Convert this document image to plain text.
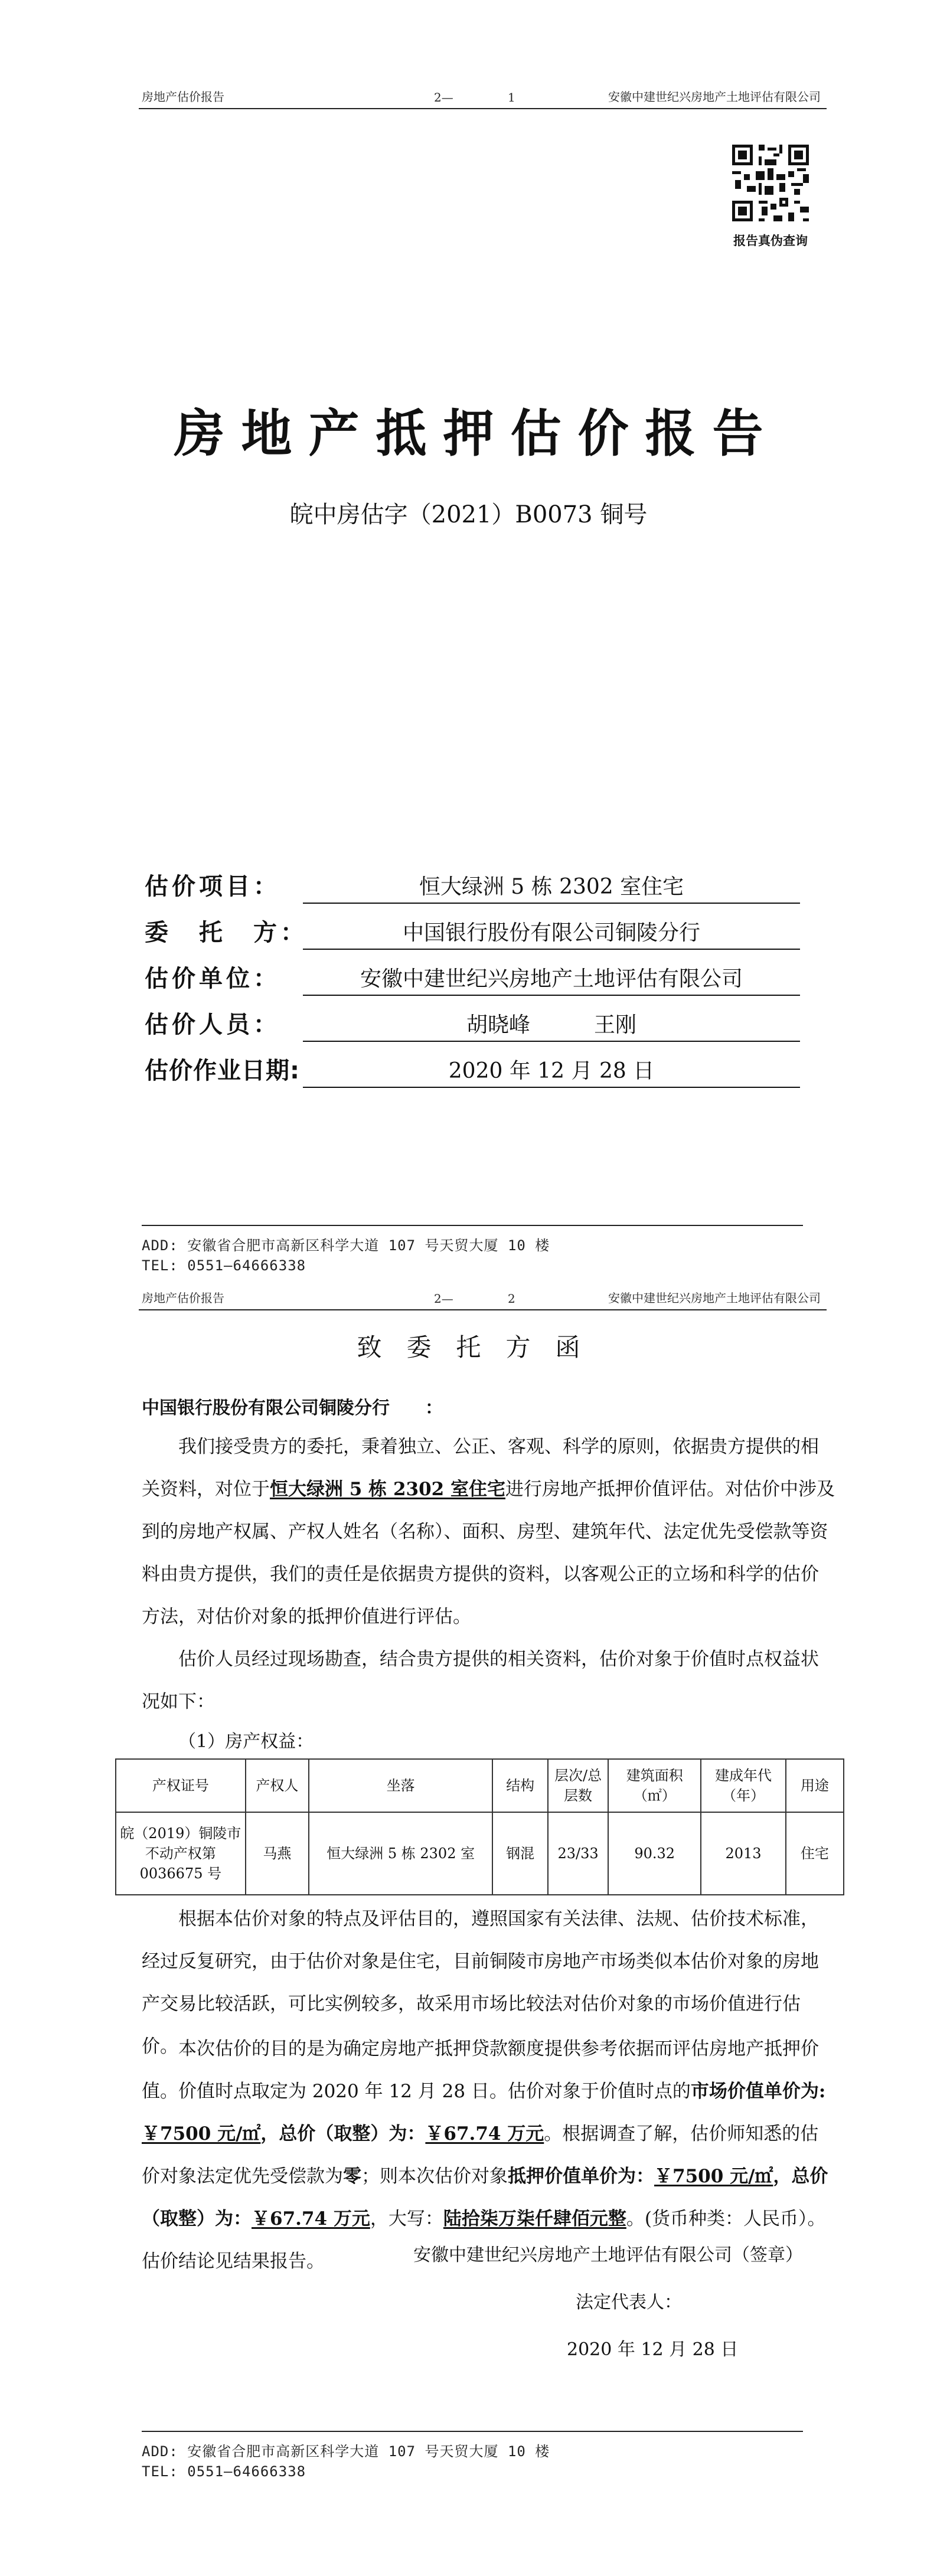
房地产估价报告	2—	1	安徽中建世纪兴房地产土地评估有限公司
报告真伪查询
房地产抵押估价报告
皖中房估字（2021）B0073 铜号
估价项目：	恒大绿洲 5 栋 2302 室住宅
委　托　方：	中国银行股份有限公司铜陵分行
估价单位：	安徽中建世纪兴房地产土地评估有限公司
估价人员：	胡晓峰　　　王刚
估价作业日期:	2020 年 12 月 28 日
ADD: 安徽省合肥市高新区科学大道 107 号天贸大厦 10 楼
TEL: 0551—64666338
房地产估价报告	2—	2	安徽中建世纪兴房地产土地评估有限公司
致　委　托　方　函
中国银行股份有限公司铜陵分行　　：
我们接受贵方的委托，秉着独立、公正、客观、科学的原则，依据贵方提供的相关资料，对位于恒大绿洲 5 栋 2302 室住宅进行房地产抵押价值评估。对估价中涉及到的房地产权属、产权人姓名（名称）、面积、房型、建筑年代、法定优先受偿款等资料由贵方提供，我们的责任是依据贵方提供的资料，以客观公正的立场和科学的估价方法，对估价对象的抵押价值进行评估。
估价人员经过现场勘查，结合贵方提供的相关资料，估价对象于价值时点权益状况如下：
（1）房产权益：
产权证号	产权人	坐落	结构	层次/总层数	建筑面积（㎡）	建成年代（年）	用途
皖（2019）铜陵市不动产权第 0036675 号	马燕	恒大绿洲 5 栋 2302 室	钢混	23/33	90.32	2013	住宅
根据本估价对象的特点及评估目的，遵照国家有关法律、法规、估价技术标准，经过反复研究，由于估价对象是住宅，目前铜陵市房地产市场类似本估价对象的房地产交易比较活跃，可比实例较多，故采用市场比较法对估价对象的市场价值进行估价。 本次估价的目的是为确定房地产抵押贷款额度提供参考依据而评估房地产抵押价值。价值时点取定为 2020 年 12 月 28 日。估价对象于价值时点的市场价值单价为:￥7500 元/㎡，总价（取整）为：￥67.74 万元。根据调查了解，估价师知悉的估价对象法定优先受偿款为零；则本次估价对象抵押价值单价为：￥7500 元/㎡，总价（取整）为：￥67.74 万元，大写：陆拾柒万柒仟肆佰元整。(货币种类：人民币）。估价结论见结果报告。	安徽中建世纪兴房地产土地评估有限公司（签章）
法定代表人：
2020 年 12 月 28 日
ADD: 安徽省合肥市高新区科学大道 107 号天贸大厦 10 楼
TEL: 0551—64666338
